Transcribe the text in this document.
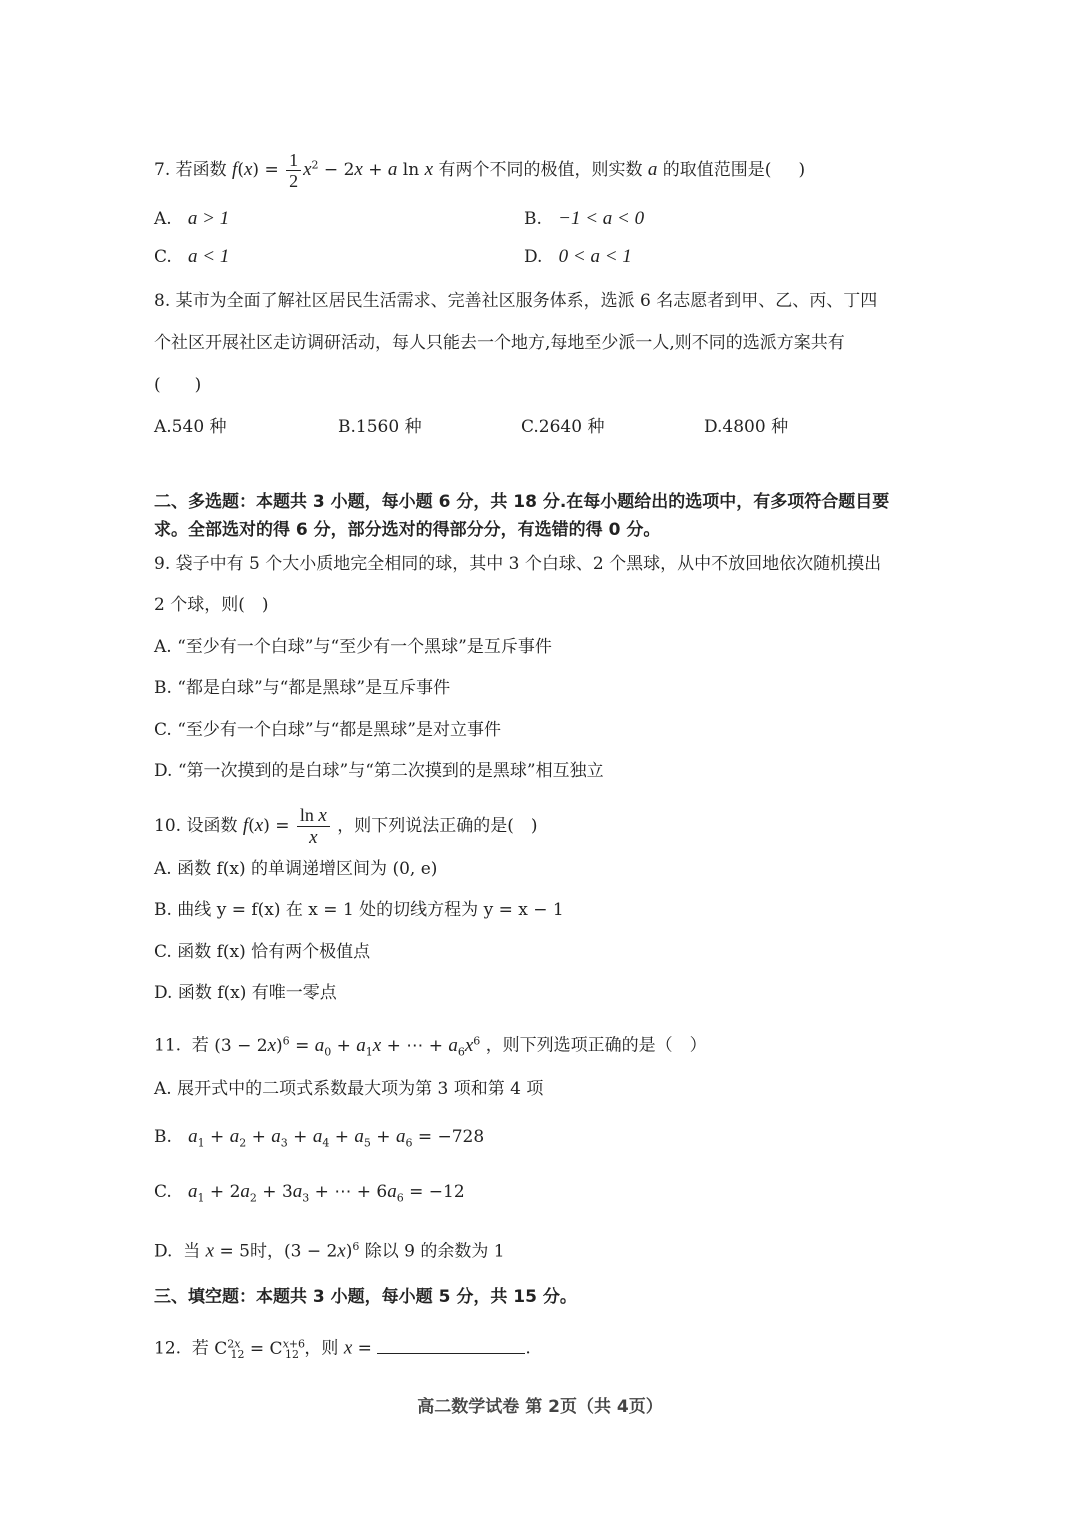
7. 若函数 $f(x) = \frac{1}{2} x^2 - 2x + a$ ln x 有两个不同的极值，则实数 a 的取值范围是( )
A. a > 1	B. −1 < a < 0
C. a < 1	D. 0 < a < 1
8. 某市为全面了解社区居民生活需求、完善社区服务体系，选派 6 名志愿者到甲、乙、丙、丁四
个社区开展社区走访调研活动，每人只能去一个地方,每地至少派一人,则不同的选派方案共有
(　　)
A.540 种	B.1560 种	C.2640 种	D.4800 种
二、多选题：本题共 3 小题，每小题 6 分，共 18 分.在每小题给出的选项中，有多项符合题目要
求。全部选对的得 6 分，部分选对的得部分分，有选错的得 0 分。
9. 袋子中有 5 个大小质地完全相同的球，其中 3 个白球、2 个黑球，从中不放回地依次随机摸出
2 个球，则(　)
A. “至少有一个白球”与“至少有一个黑球”是互斥事件
B. “都是白球”与“都是黑球”是互斥事件
C. “至少有一个白球”与“都是黑球”是对立事件
D. “第一次摸到的是白球”与“第二次摸到的是黑球”相互独立
10. 设函数 $f(x) = \frac{\text{ln x}}{x}$ ，则下列说法正确的是(　)
A. 函数 f(x) 的单调递增区间为 (0, e)
B. 曲线 y = f(x) 在 x = 1 处的切线方程为 y = x − 1
C. 函数 f(x) 恰有两个极值点
D. 函数 f(x) 有唯一零点
11. 若 $(3 - 2x)^6 = a_0 + a_1x$ + ⋯ + $a_6x^6$ ，则下列选项正确的是（　）
A. 展开式中的二项式系数最大项为第 3 项和第 4 项
B. $a_1 + a_2 + a_3 + a_4 + a_5 + a_6 = -728$
C. $a_1 + 2a_2 + 3a_3$ + ⋯ + $6a_6 = -12$
D. 当 x = 5时，$(3 - 2x)^6$ 除以 9 的余数为 1
三、填空题：本题共 3 小题，每小题 5 分，共 15 分。
12. 若 $C^{2x}_{12} = C^{x+6}_{12}$ ，则 x =	.
高二数学试卷 第 2页（共 4页）
